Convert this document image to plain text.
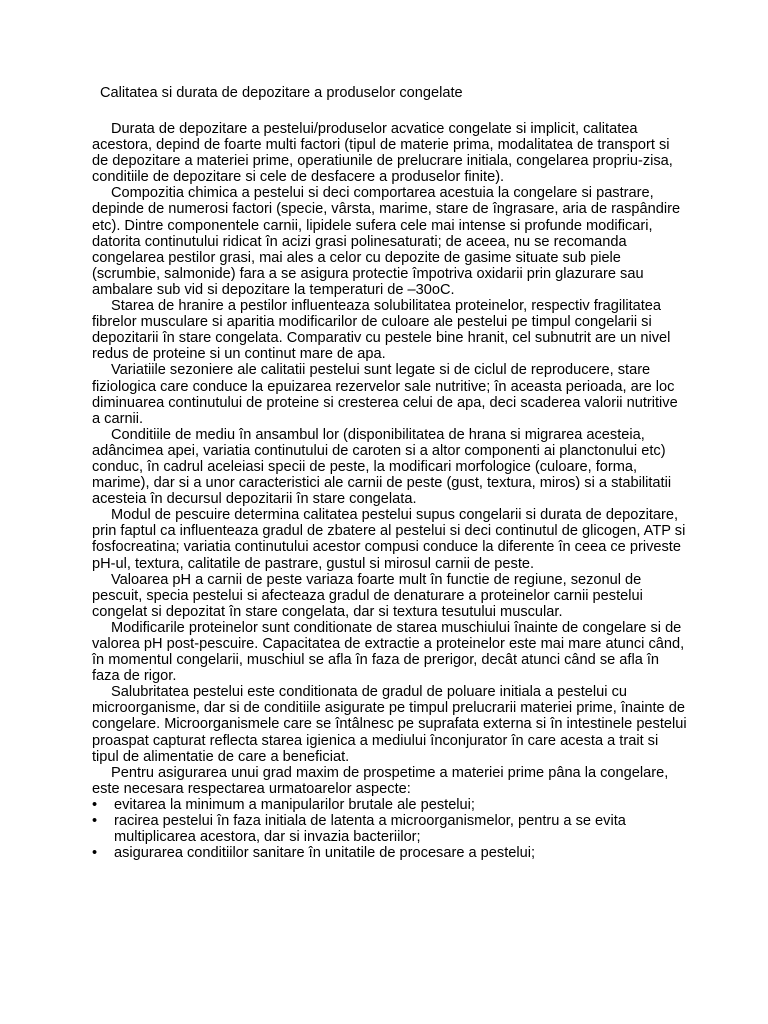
Calitatea si durata de depozitare a produselor congelate

Durata de depozitare a pestelui/produselor acvatice congelate si implicit, calitatea acestora, depind de foarte multi factori (tipul de materie prima, modalitatea de transport si de depozitare a materiei prime, operatiunile de prelucrare initiala, congelarea propriu-zisa, conditiile de depozitare si cele de desfacere a produselor finite).

Compozitia chimica a pestelui si deci comportarea acestuia la congelare si pastrare, depinde de numerosi factori (specie, vârsta, marime, stare de îngrasare, aria de raspândire etc). Dintre componentele carnii, lipidele sufera cele mai intense si profunde modificari, datorita continutului ridicat în acizi grasi polinesaturati; de aceea, nu se recomanda congelarea pestilor grasi, mai ales a celor cu depozite de gasime situate sub piele (scrumbie, salmonide) fara a se asigura protectie împotriva oxidarii prin glazurare sau ambalare sub vid si depozitare la temperaturi de –30oC.

Starea de hranire a pestilor influenteaza solubilitatea proteinelor, respectiv fragilitatea fibrelor musculare si aparitia modificarilor de culoare ale pestelui pe timpul congelarii si depozitarii în stare congelata. Comparativ cu pestele bine hranit, cel subnutrit are un nivel redus de proteine si un continut mare de apa.

Variatiile sezoniere ale calitatii pestelui sunt legate si de ciclul de reproducere, stare fiziologica care conduce la epuizarea rezervelor sale nutritive; în aceasta perioada, are loc diminuarea continutului de proteine si cresterea celui de apa, deci scaderea valorii nutritive a carnii.

Conditiile de mediu în ansambul lor (disponibilitatea de hrana si migrarea acesteia, adâncimea apei, variatia continutului de caroten si a altor componenti ai planctonului etc) conduc, în cadrul aceleiasi specii de peste, la modificari morfologice (culoare, forma, marime), dar si a unor caracteristici ale carnii de peste (gust, textura, miros) si a stabilitatii acesteia în decursul depozitarii în stare congelata.

Modul de pescuire determina calitatea pestelui supus congelarii si durata de depozitare, prin faptul ca influenteaza gradul de zbatere al pestelui si deci continutul de glicogen, ATP si fosfocreatina; variatia continutului acestor compusi conduce la diferente în ceea ce priveste pH-ul, textura, calitatile de pastrare, gustul si mirosul carnii de peste.

Valoarea pH a carnii de peste variaza foarte mult în functie de regiune, sezonul de pescuit, specia pestelui si afecteaza gradul de denaturare a proteinelor carnii pestelui congelat si depozitat în stare congelata, dar si textura tesutului muscular.

Modificarile proteinelor sunt conditionate de starea muschiului înainte de congelare si de valorea pH post-pescuire. Capacitatea de extractie a proteinelor este mai mare atunci când, în momentul congelarii, muschiul se afla în faza de prerigor, decât atunci când se afla în faza de rigor.

Salubritatea pestelui este conditionata de gradul de poluare initiala a pestelui cu microorganisme, dar si de conditiile asigurate pe timpul prelucrarii materiei prime, înainte de congelare. Microorganismele care se întâlnesc pe suprafata externa si în intestinele pestelui proaspat capturat reflecta starea igienica a mediului înconjurator în care acesta a trait si tipul de alimentatie de care a beneficiat.

Pentru asigurarea unui grad maxim de prospetime a materiei prime pâna la congelare, este necesara respectarea urmatoarelor aspecte:

• evitarea la minimum a manipularilor brutale ale pestelui;
• racirea pestelui în faza initiala de latenta a microorganismelor, pentru a se evita multiplicarea acestora, dar si invazia bacteriilor;
• asigurarea conditiilor sanitare în unitatile de procesare a pestelui;
